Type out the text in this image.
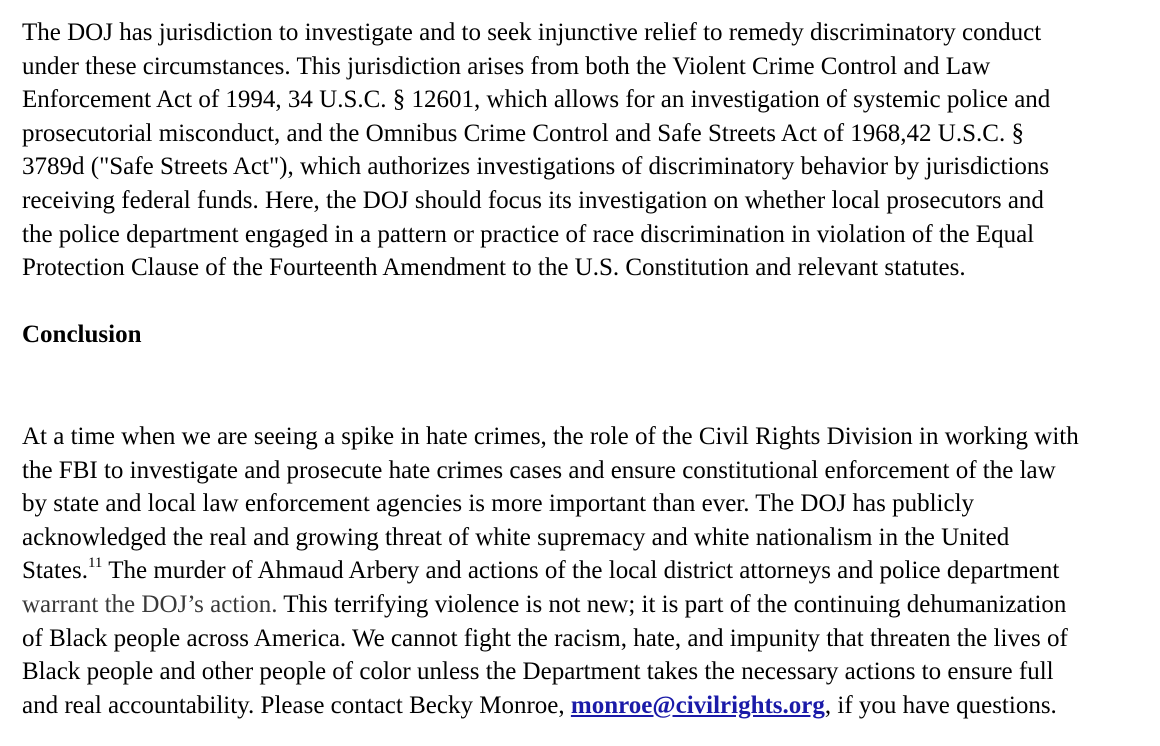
The DOJ has jurisdiction to investigate and to seek injunctive relief to remedy discriminatory conduct
under these circumstances. This jurisdiction arises from both the Violent Crime Control and Law
Enforcement Act of 1994, 34 U.S.C. § 12601, which allows for an investigation of systemic police and
prosecutorial misconduct, and the Omnibus Crime Control and Safe Streets Act of 1968,42 U.S.C. §
3789d ("Safe Streets Act"), which authorizes investigations of discriminatory behavior by jurisdictions
receiving federal funds. Here, the DOJ should focus its investigation on whether local prosecutors and
the police department engaged in a pattern or practice of race discrimination in violation of the Equal
Protection Clause of the Fourteenth Amendment to the U.S. Constitution and relevant statutes.
Conclusion
At a time when we are seeing a spike in hate crimes, the role of the Civil Rights Division in working with
the FBI to investigate and prosecute hate crimes cases and ensure constitutional enforcement of the law
by state and local law enforcement agencies is more important than ever. The DOJ has publicly
acknowledged the real and growing threat of white supremacy and white nationalism in the United
States.$^{11}$ The murder of Ahmaud Arbery and actions of the local district attorneys and police department
warrant the DOJ’s action. This terrifying violence is not new; it is part of the continuing dehumanization
of Black people across America. We cannot fight the racism, hate, and impunity that threaten the lives of
Black people and other people of color unless the Department takes the necessary actions to ensure full
and real accountability. Please contact Becky Monroe, monroe@civilrights.org, if you have questions.
